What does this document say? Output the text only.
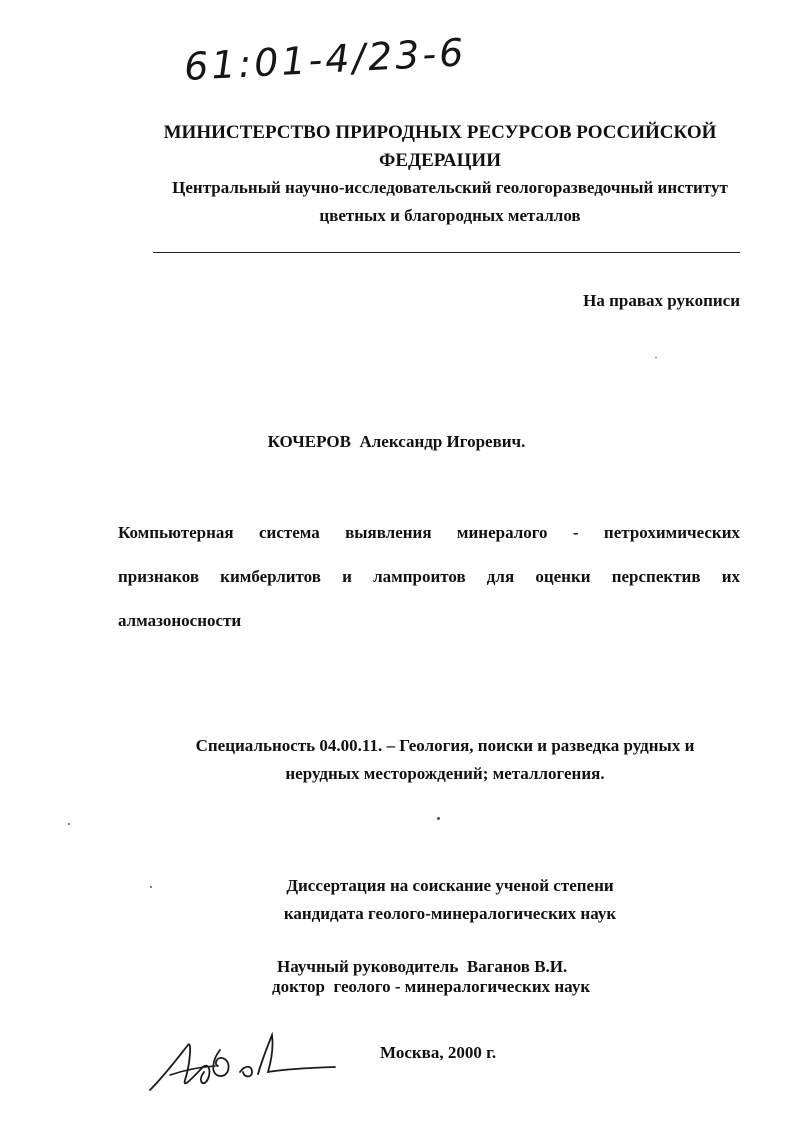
61:01-4/23-6
МИНИСТЕРСТВО ПРИРОДНЫХ РЕСУРСОВ РОССИЙСКОЙ
ФЕДЕРАЦИИ
Центральный научно-исследовательский геологоразведочный институт
цветных и благородных металлов
На правах рукописи
КОЧЕРОВ Александр Игоревич.
Компьютерная система выявления минералого - петрохимических
признаков кимберлитов и лампроитов для оценки перспектив их
алмазоносности
Специальность 04.00.11. – Геология, поиски и разведка рудных и
нерудных месторождений; металлогения.
Диссертация на соискание ученой степени
кандидата геолого-минералогических наук
Научный руководитель Ваганов В.И.
доктор  геолого - минералогических наук
Москва, 2000 г.
